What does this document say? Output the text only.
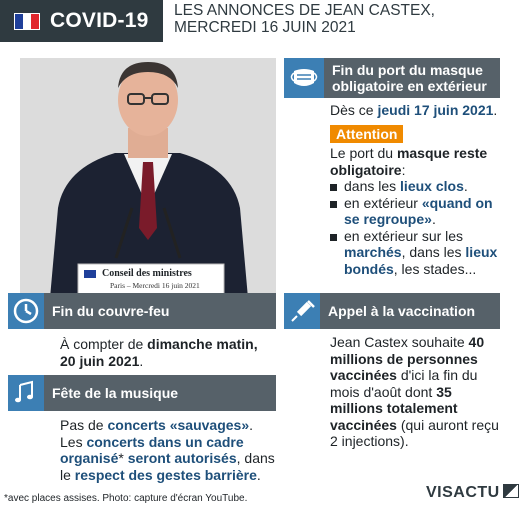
COVID-19 LES ANNONCES DE JEAN CASTEX,
MERCREDI 16 JUIN 2021
Conseil des ministres
Paris – Mercredi 16 juin 2021
Fin du port du masque
obligatoire en extérieur
Dès ce jeudi 17 juin 2021.
Attention
Le port du masque reste obligatoire:
dans les lieux clos.
en extérieur «quand on se regroupe».
en extérieur sur les marchés, dans les lieux bondés, les stades...
Fin du couvre-feu
À compter de dimanche matin, 20 juin 2021.
Appel à la vaccination
Jean Castex souhaite 40 millions de personnes vaccinées d'ici la fin du mois d'août dont 35 millions totalement vaccinées (qui auront reçu 2 injections).
Fête de la musique
Pas de concerts «sauvages».
Les concerts dans un cadre organisé* seront autorisés, dans le respect des gestes barrière.
*avec places assises. Photo: capture d'écran YouTube.	VISACTU
